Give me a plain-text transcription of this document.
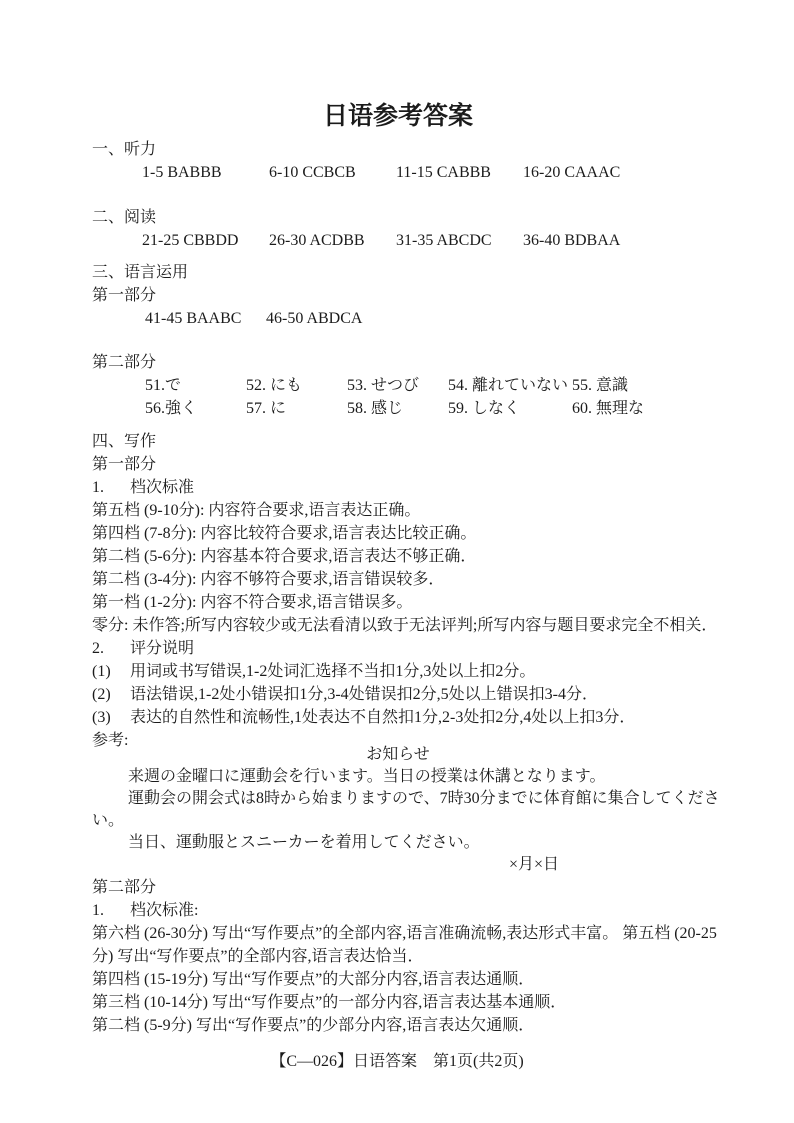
日语参考答案
一、听力
1-5 BABBB	6-10 CCBCB	11-15 CABBB	16-20 CAAAC
二、阅读
21-25 CBBDD	26-30 ACDBB	31-35 ABCDC	36-40 BDBAA
三、语言运用
第一部分
41-45 BAABC	46-50 ABDCA
第二部分
51.で	52. にも	53. せつび	54. 離れていない 55. 意識
56.強く	57. に	58. 感じ	59. しなく	60. 無理な
四、写作
第一部分
1. 档次标准
第五档 (9-10分): 内容符合要求,语言表达正确。
第四档 (7-8分): 内容比较符合要求,语言表达比较正确。
第二档 (5-6分): 内容基本符合要求,语言表达不够正确．
第二档 (3-4分): 内容不够符合要求,语言错误较多．
第一档 (1-2分): 内容不符合要求,语言错误多。
零分: 未作答;所写内容较少或无法看清以致于无法评判;所写内容与题目要求完全不相关．
2. 评分说明
(1) 用词或书写错误,1-2处词汇选择不当扣1分,3处以上扣2分。
(2) 语法错误,1-2处小错误扣1分,3-4处错误扣2分,5处以上错误扣3-4分．
(3) 表达的自然性和流畅性,1处表达不自然扣1分,2-3处扣2分,4处以上扣3分．
参考:
お知らせ
来週の金曜口に運動会を行います。当日の授業は休講となります。
運動会の開会式は8時から始まりますので、7時30分までに体育館に集合してくださ
い。
当日、運動服とスニーカーを着用してください。
×月×日
第二部分
1. 档次标准:
第六档 (26-30分) 写出“写作要点”的全部内容,语言准确流畅,表达形式丰富。 第五档 (20-25
分) 写出“写作要点”的全部内容,语言表达恰当．
第四档 (15-19分) 写出“写作要点”的大部分内容,语言表达通顺．
第三档 (10-14分) 写出“写作要点”的一部分内容,语言表达基本通顺．
第二档 (5-9分) 写出“写作要点”的少部分内容,语言表达欠通顺．
【C—026】日语答案　第1页(共2页)
